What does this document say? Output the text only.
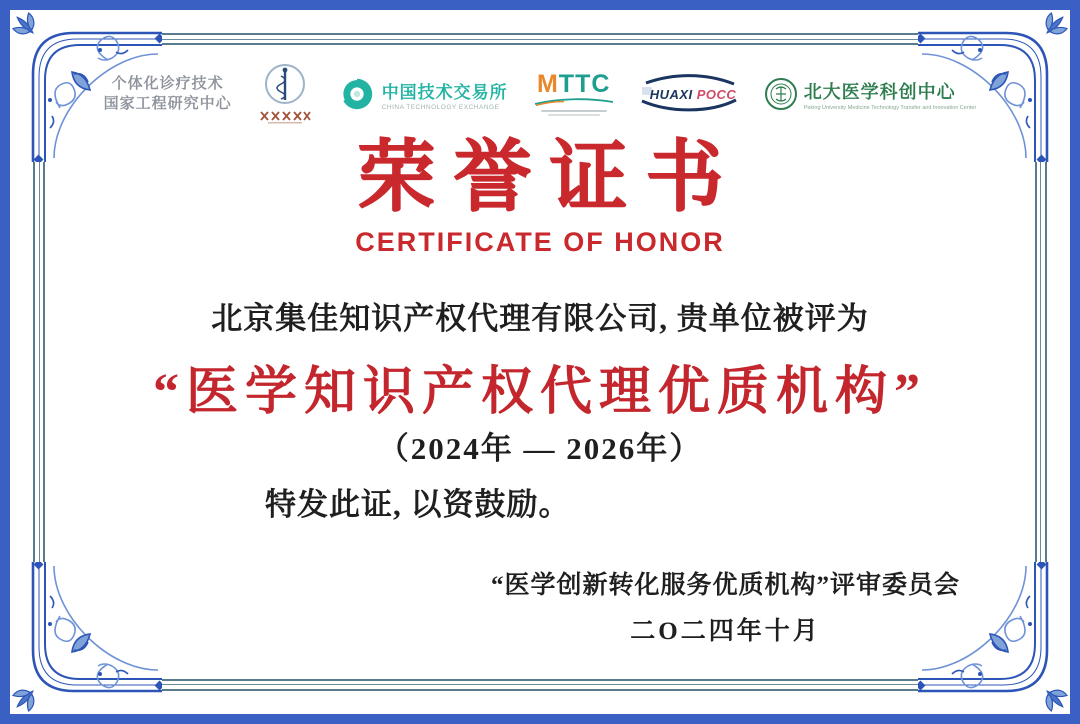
个体化诊疗技术
国家工程研究中心
中国技术交易所
CHINA TECHNOLOGY EXCHANGE
MTTC	HUAXI POCC	北大医学科创中心
Peking University Medicine Technology Transfer and Innovation Center
荣誉证书
CERTIFICATE OF HONOR
北京集佳知识产权代理有限公司, 贵单位被评为
“医学知识产权代理优质机构”
（2024年 — 2026年）
特发此证, 以资鼓励。
“医学创新转化服务优质机构”评审委员会
二O二四年十月
